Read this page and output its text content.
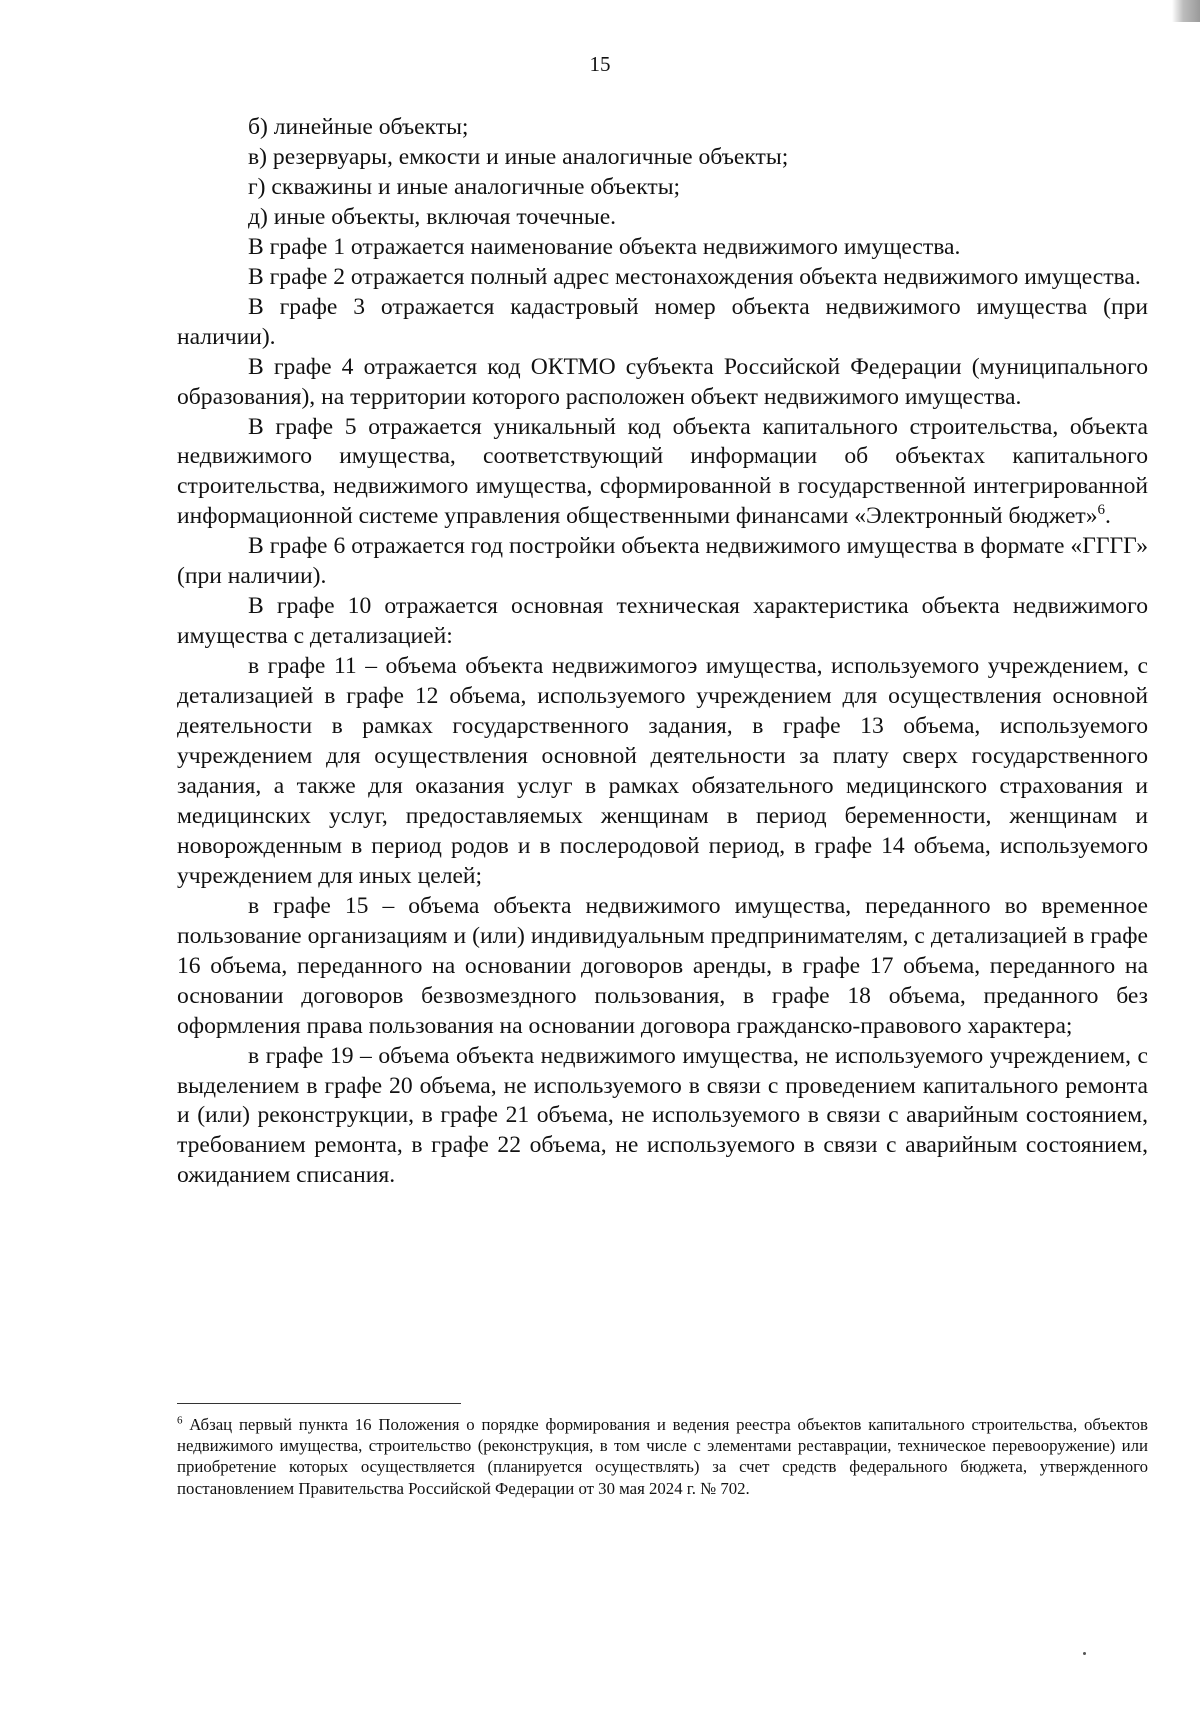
15

б) линейные объекты;

в) резервуары, емкости и иные аналогичные объекты;

г) скважины и иные аналогичные объекты;

д) иные объекты, включая точечные.

В графе 1 отражается наименование объекта недвижимого имущества.

В графе 2 отражается полный адрес местонахождения объекта недвижимого имущества.

В графе 3 отражается кадастровый номер объекта недвижимого имущества (при наличии).

В графе 4 отражается код ОКТМО субъекта Российской Федерации (муниципального образования), на территории которого расположен объект недвижимого имущества.

В графе 5 отражается уникальный код объекта капитального строительства, объекта недвижимого имущества, соответствующий информации об объектах капитального строительства, недвижимого имущества, сформированной в государственной интегрированной информационной системе управления общественными финансами «Электронный бюджет»$^6$.

В графе 6 отражается год постройки объекта недвижимого имущества в формате «ГГГГ» (при наличии).

В графе 10 отражается основная техническая характеристика объекта недвижимого имущества с детализацией:

в графе 11 – объема объекта недвижимогоэ имущества, используемого учреждением, с детализацией в графе 12 объема, используемого учреждением для осуществления основной деятельности в рамках государственного задания, в графе 13 объема, используемого учреждением для осуществления основной деятельности за плату сверх государственного задания, а также для оказания услуг в рамках обязательного медицинского страхования и медицинских услуг, предоставляемых женщинам в период беременности, женщинам и новорожденным в период родов и в послеродовой период, в графе 14 объема, используемого учреждением для иных целей;

в графе 15 – объема объекта недвижимого имущества, переданного во временное пользование организациям и (или) индивидуальным предпринимателям, с детализацией в графе 16 объема, переданного на основании договоров аренды, в графе 17 объема, переданного на основании договоров безвозмездного пользования, в графе 18 объема, преданного без оформления права пользования на основании договора гражданско-правового характера;

в графе 19 – объема объекта недвижимого имущества, не используемого учреждением, с выделением в графе 20 объема, не используемого в связи с проведением капитального ремонта и (или) реконструкции, в графе 21 объема, не используемого в связи с аварийным состоянием, требованием ремонта, в графе 22 объема, не используемого в связи с аварийным состоянием, ожиданием списания.

$^6$ Абзац первый пункта 16 Положения о порядке формирования и ведения реестра объектов капитального строительства, объектов недвижимого имущества, строительство (реконструкция, в том числе с элементами реставрации, техническое перевооружение) или приобретение которых осуществляется (планируется осуществлять) за счет средств федерального бюджета, утвержденного постановлением Правительства Российской Федерации от 30 мая 2024 г. № 702.
